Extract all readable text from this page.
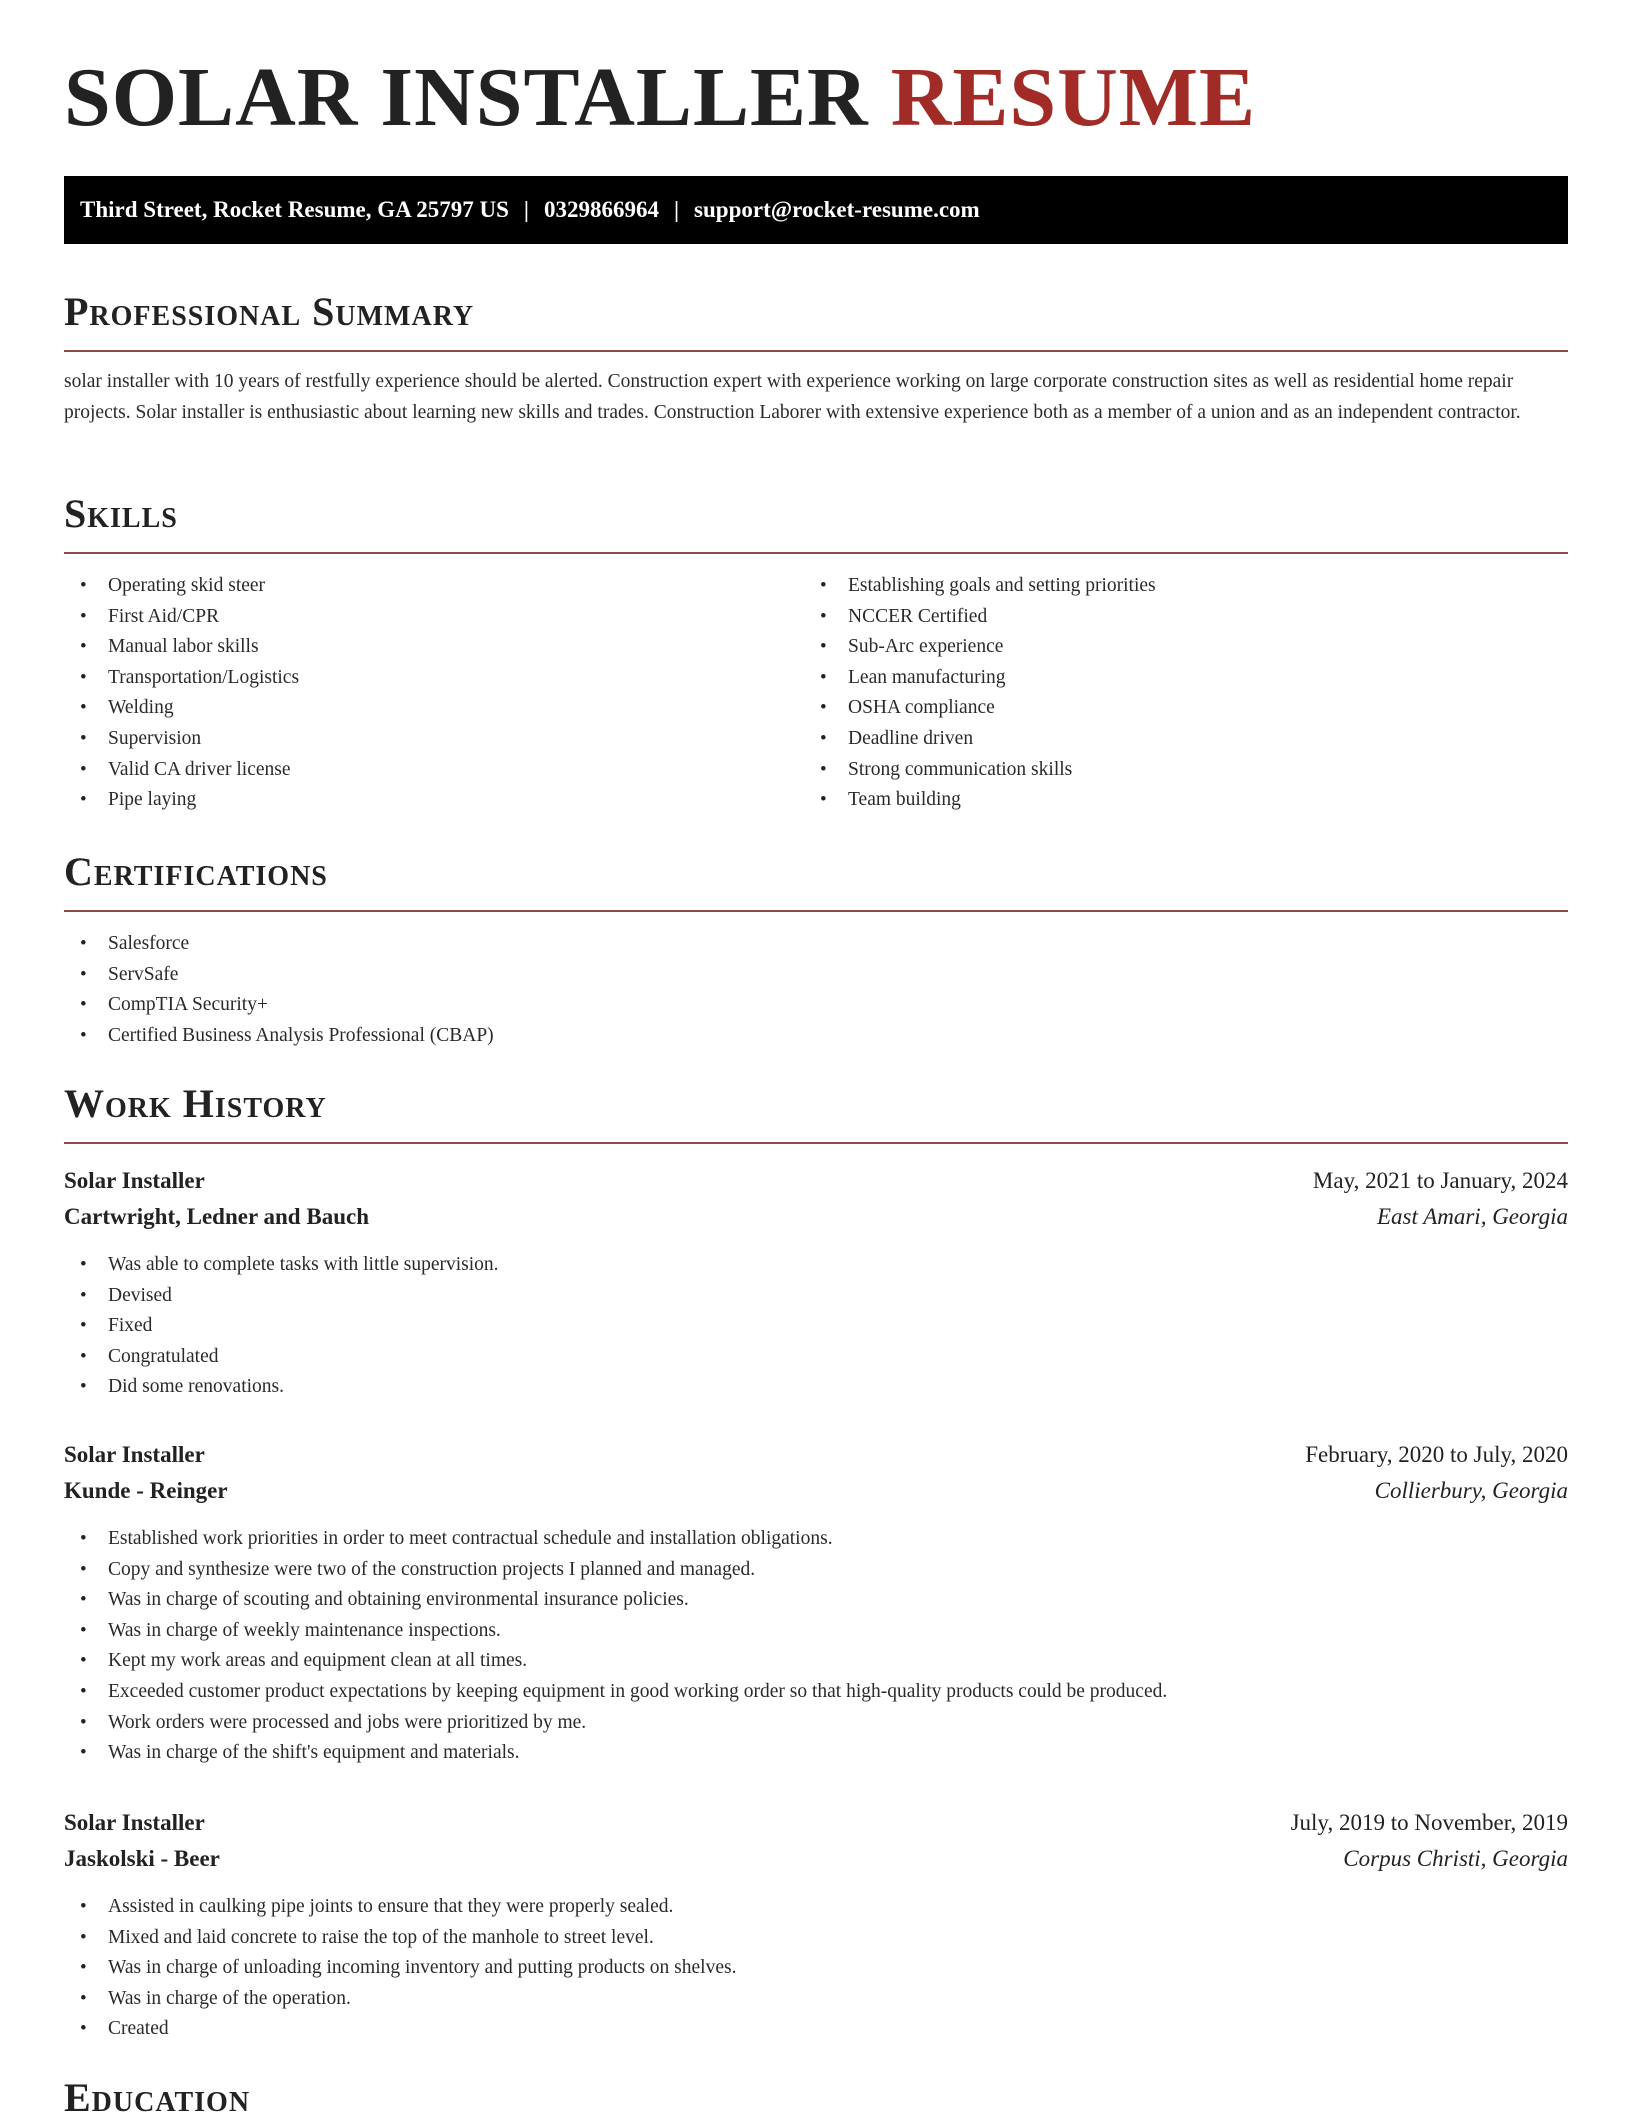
SOLAR INSTALLER RESUME
Third Street, Rocket Resume, GA 25797 US | 0329866964 | support@rocket-resume.com
Professional Summary
solar installer with 10 years of restfully experience should be alerted. Construction expert with experience working on large corporate construction sites as well as residential home repair projects. Solar installer is enthusiastic about learning new skills and trades. Construction Laborer with extensive experience both as a member of a union and as an independent contractor.
Skills
• Operating skid steer
• First Aid/CPR
• Manual labor skills
• Transportation/Logistics
• Welding
• Supervision
• Valid CA driver license
• Pipe laying
• Establishing goals and setting priorities
• NCCER Certified
• Sub-Arc experience
• Lean manufacturing
• OSHA compliance
• Deadline driven
• Strong communication skills
• Team building
Certifications
• Salesforce
• ServSafe
• CompTIA Security+
• Certified Business Analysis Professional (CBAP)
Work History
Solar Installer	May, 2021 to January, 2024
Cartwright, Ledner and Bauch	East Amari, Georgia
• Was able to complete tasks with little supervision.
• Devised
• Fixed
• Congratulated
• Did some renovations.
Solar Installer	February, 2020 to July, 2020
Kunde - Reinger	Collierbury, Georgia
• Established work priorities in order to meet contractual schedule and installation obligations.
• Copy and synthesize were two of the construction projects I planned and managed.
• Was in charge of scouting and obtaining environmental insurance policies.
• Was in charge of weekly maintenance inspections.
• Kept my work areas and equipment clean at all times.
• Exceeded customer product expectations by keeping equipment in good working order so that high-quality products could be produced.
• Work orders were processed and jobs were prioritized by me.
• Was in charge of the shift's equipment and materials.
Solar Installer	July, 2019 to November, 2019
Jaskolski - Beer	Corpus Christi, Georgia
• Assisted in caulking pipe joints to ensure that they were properly sealed.
• Mixed and laid concrete to raise the top of the manhole to street level.
• Was in charge of unloading incoming inventory and putting products on shelves.
• Was in charge of the operation.
• Created
Education
